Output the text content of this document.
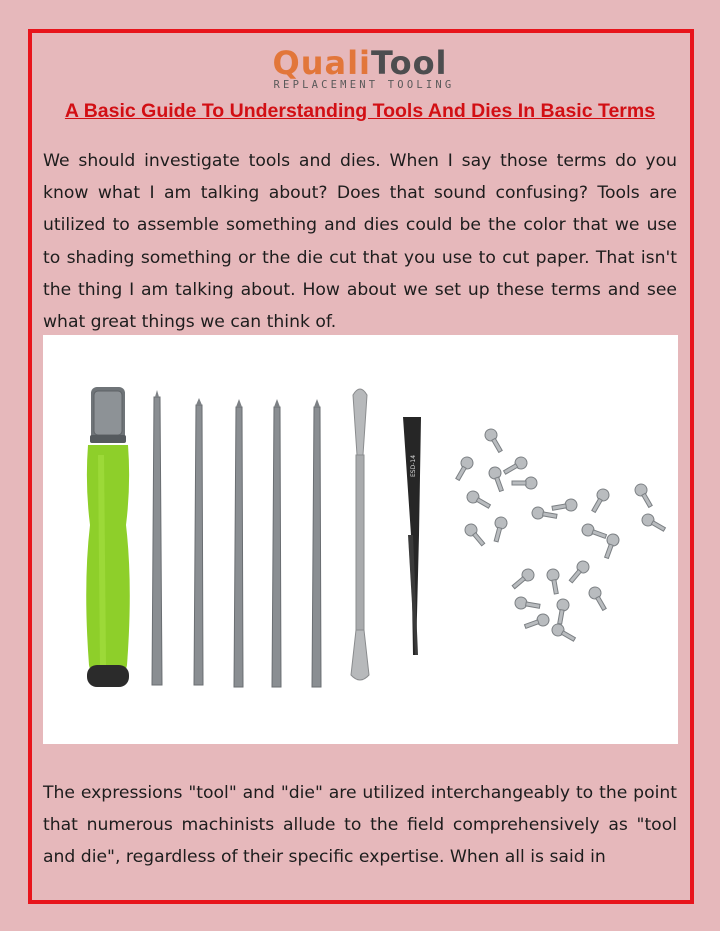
QualiTool
REPLACEMENT TOOLING
A Basic Guide To Understanding Tools And Dies In Basic Terms

We should investigate tools and dies. When I say those terms do you know what I am talking about? Does that sound confusing? Tools are utilized to assemble something and dies could be the color that we use to shading something or the die cut that you use to cut paper. That isn't the thing I am talking about. How about we set up these terms and see what great things we can think of.

ESD-14

The expressions "tool" and "die" are utilized interchangeably to the point that numerous machinists allude to the field comprehensively as "tool and die", regardless of their specific expertise. When all is said in
